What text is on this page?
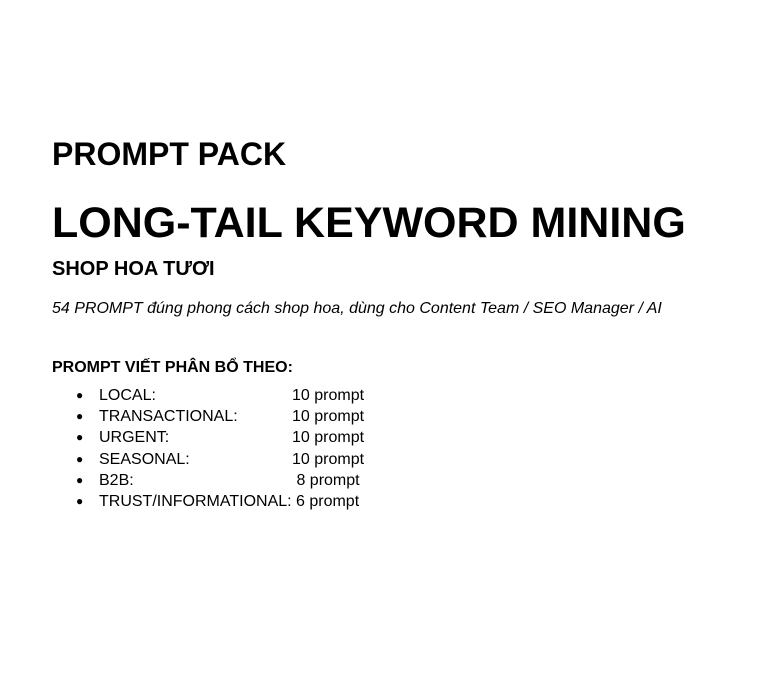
PROMPT PACK
LONG-TAIL KEYWORD MINING
SHOP HOA TƯƠI
54 PROMPT đúng phong cách shop hoa, dùng cho Content Team / SEO Manager / AI
PROMPT VIẾT PHÂN BỔ THEO:
● LOCAL:	10 prompt
● TRANSACTIONAL:	10 prompt
● URGENT:	10 prompt
● SEASONAL:	10 prompt
● B2B:	8 prompt
● TRUST/INFORMATIONAL: 6 prompt
